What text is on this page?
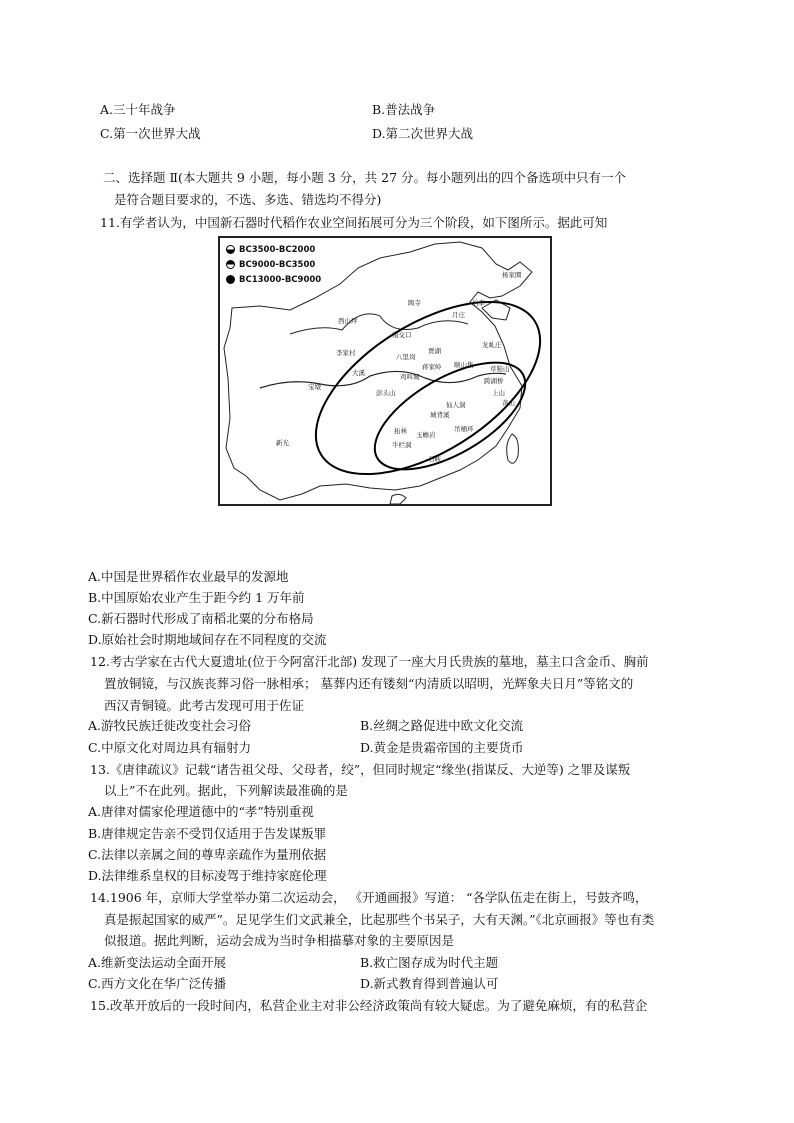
A.三十年战争	B.普法战争
C.第一次世界大战	D.第二次世界大战
二、选择题 Ⅱ(本大题共 9 小题，每小题 3 分，共 27 分。每小题列出的四个备选项中只有一个
是符合题目要求的，不选、多选、错选均不得分)
11.有学者认为，中国新石器时代稻作农业空间拓展可分为三个阶段，如下图所示。据此可知
BC3500-BC2000
BC9000-BC3500
BC13000-BC9000	杨家圈
陶寺	后李
月庄
西山坪
南交口
龙虬庄
李家村	八里岗
贾湖
草鞋山
大溪
顺山集
蒋家岭
跨湖桥
宝墩
鸡叫城
彭头山
仙人洞
上山
城背溪
黄山
玉蟾岩
牛栏洞
拓林
石峡
新光
吊桶环
A.中国是世界稻作农业最早的发源地
B.中国原始农业产生于距今约 1 万年前
C.新石器时代形成了南稻北粟的分布格局
D.原始社会时期地域间存在不同程度的交流
12.考古学家在古代大夏遗址(位于今阿富汗北部) 发现了一座大月氏贵族的墓地，墓主口含金币、胸前
置放铜镜，与汉族丧葬习俗一脉相承； 墓葬内还有镂刻“内清质以昭明，光辉象夫日月”等铭文的
西汉青铜镜。此考古发现可用于佐证
A.游牧民族迁徙改变社会习俗	B.丝绸之路促进中欧文化交流
C.中原文化对周边具有辐射力	D.黄金是贵霜帝国的主要货币
13.《唐律疏议》记载“诸告祖父母、父母者，绞”，但同时规定“缘坐(指谋反、大逆等) 之罪及谋叛
以上”不在此列。据此，下列解读最准确的是
A.唐律对儒家伦理道德中的“孝”特别重视
B.唐律规定告亲不受罚仅适用于告发谋叛罪
C.法律以亲属之间的尊卑亲疏作为量刑依据
D.法律维系皇权的目标凌驾于维持家庭伦理
14.1906 年，京师大学堂举办第二次运动会， 《开通画报》写道： “各学队伍走在街上，号鼓齐鸣，
真是振起国家的威严”。足见学生们文武兼全，比起那些个书呆子，大有天渊。”《北京画报》等也有类
似报道。据此判断，运动会成为当时争相描摹对象的主要原因是
A.维新变法运动全面开展	B.救亡图存成为时代主题
C.西方文化在华广泛传播	D.新式教育得到普遍认可
15.改革开放后的一段时间内，私营企业主对非公经济政策尚有较大疑虑。为了避免麻烦，有的私营企
